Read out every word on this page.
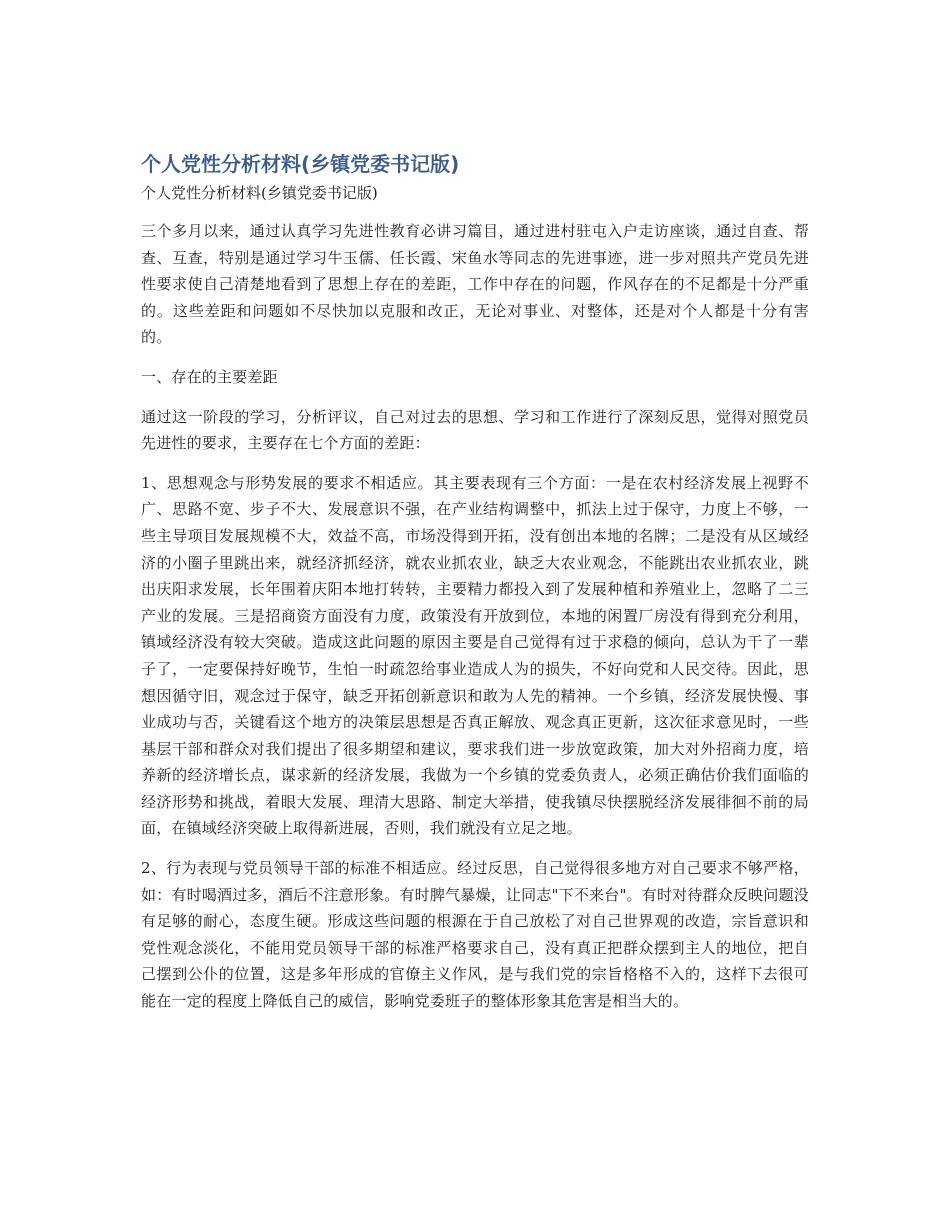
个人党性分析材料(乡镇党委书记版)

个人党性分析材料(乡镇党委书记版)

三个多月以来，通过认真学习先进性教育必讲习篇目，通过进村驻屯入户走访座谈，通过自查、帮查、互查，特别是通过学习牛玉儒、任长霞、宋鱼水等同志的先进事迹，进一步对照共产党员先进性要求使自己清楚地看到了思想上存在的差距，工作中存在的问题，作风存在的不足都是十分严重的。这些差距和问题如不尽快加以克服和改正，无论对事业、对整体，还是对个人都是十分有害的。

一、存在的主要差距

通过这一阶段的学习，分析评议，自己对过去的思想、学习和工作进行了深刻反思，觉得对照党员先进性的要求，主要存在七个方面的差距：

1、思想观念与形势发展的要求不相适应。其主要表现有三个方面：一是在农村经济发展上视野不广、思路不宽、步子不大、发展意识不强，在产业结构调整中，抓法上过于保守，力度上不够，一些主导项目发展规模不大，效益不高，市场没得到开拓，没有创出本地的名牌；二是没有从区域经济的小圈子里跳出来，就经济抓经济，就农业抓农业，缺乏大农业观念，不能跳出农业抓农业，跳出庆阳求发展，长年围着庆阳本地打转转，主要精力都投入到了发展种植和养殖业上，忽略了二三产业的发展。三是招商资方面没有力度，政策没有开放到位，本地的闲置厂房没有得到充分利用，镇域经济没有较大突破。造成这此问题的原因主要是自己觉得有过于求稳的倾向，总认为干了一辈子了，一定要保持好晚节，生怕一时疏忽给事业造成人为的损失，不好向党和人民交待。因此，思想因循守旧，观念过于保守，缺乏开拓创新意识和敢为人先的精神。一个乡镇，经济发展快慢、事业成功与否，关键看这个地方的决策层思想是否真正解放、观念真正更新，这次征求意见时，一些基层干部和群众对我们提出了很多期望和建议，要求我们进一步放宽政策，加大对外招商力度，培养新的经济增长点，谋求新的经济发展，我做为一个乡镇的党委负责人，必须正确估价我们面临的经济形势和挑战，着眼大发展、理清大思路、制定大举措，使我镇尽快摆脱经济发展徘徊不前的局面，在镇域经济突破上取得新进展，否则，我们就没有立足之地。

2、行为表现与党员领导干部的标准不相适应。经过反思，自己觉得很多地方对自己要求不够严格，如：有时喝酒过多，酒后不注意形象。有时脾气暴燥，让同志"下不来台"。有时对待群众反映问题没有足够的耐心，态度生硬。形成这些问题的根源在于自己放松了对自己世界观的改造，宗旨意识和党性观念淡化，不能用党员领导干部的标准严格要求自己，没有真正把群众摆到主人的地位，把自己摆到公仆的位置，这是多年形成的官僚主义作风，是与我们党的宗旨格格不入的，这样下去很可能在一定的程度上降低自己的威信，影响党委班子的整体形象其危害是相当大的。
